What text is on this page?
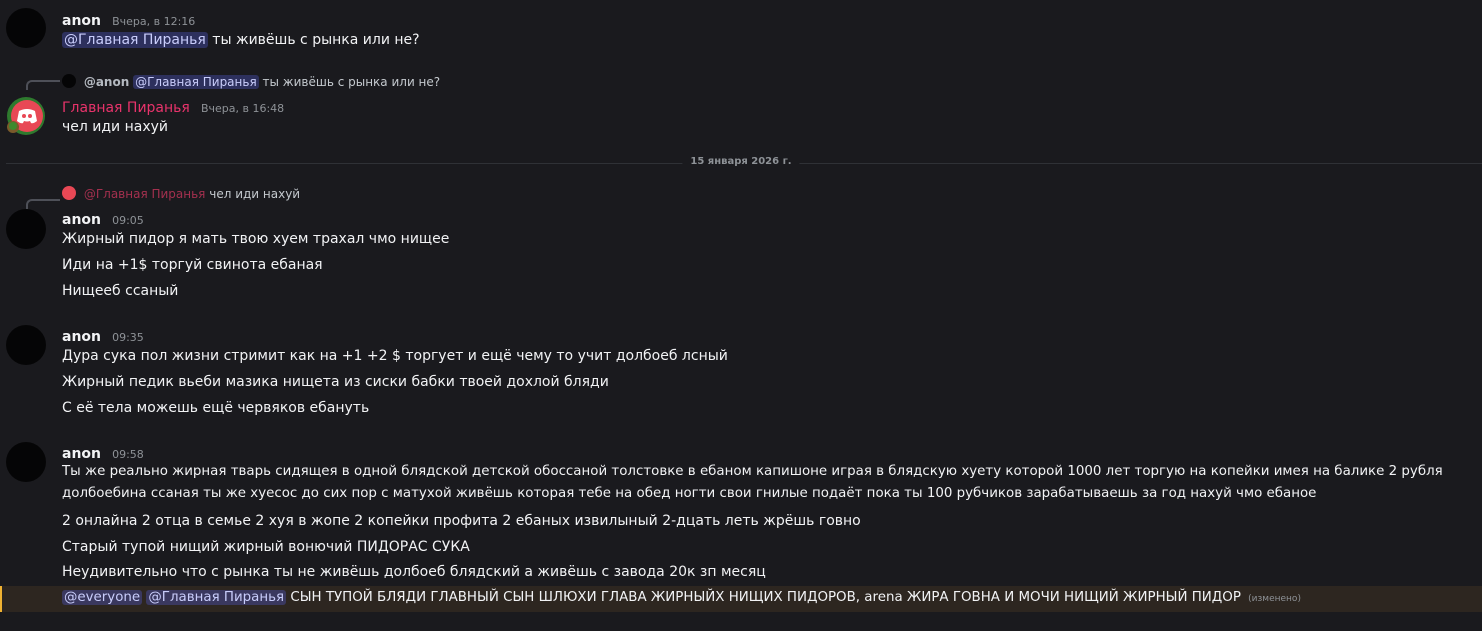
anon Вчера, в 12:16
@Главная Пиранья ты живёшь с рынка или не?
@anon @Главная Пиранья ты живёшь с рынка или не?
Главная Пиранья Вчера, в 16:48
чел иди нахуй
15 января 2026 г.
@Главная Пиранья чел иди нахуй
anon 09:05
Жирный пидор я мать твою хуем трахал чмо нищее
Иди на +1$ торгуй свинота ебаная
Нищееб ссаный
anon 09:35
Дура сука пол жизни стримит как на +1 +2 $ торгует и ещё чему то учит долбоеб лсный
Жирный педик вьеби мазика нищета из сиски бабки твоей дохлой бляди
С её тела можешь ещё червяков ебануть
anon 09:58
Ты же реально жирная тварь сидящея в одной блядской детской обоссаной толстовке в ебаном капишоне играя в блядскую хуету которой 1000 лет торгую на копейки имея на балике 2 рубля
долбоебина ссаная ты же хуесос до сих пор с матухой живёшь которая тебе на обед ногти свои гнилые подаёт пока ты 100 рубчиков зарабатываешь за год нахуй чмо ебаное
2 онлайна 2 отца в семье 2 хуя в жопе 2 копейки профита 2 ебаных извилыный 2-дцать леть жрёшь говно
Старый тупой нищий жирный вонючий ПИДОРАС СУКА
Неудивительно что с рынка ты не живёшь долбоеб блядский а живёшь с завода 20к зп месяц
@everyone @Главная Пиранья СЫН ТУПОЙ БЛЯДИ ГЛАВНЫЙ СЫН ШЛЮХИ ГЛАВА ЖИРНЫЙХ НИЩИХ ПИДОРОВ, arena ЖИРА ГОВНА И МОЧИ НИЩИЙ ЖИРНЫЙ ПИДОР (изменено)
